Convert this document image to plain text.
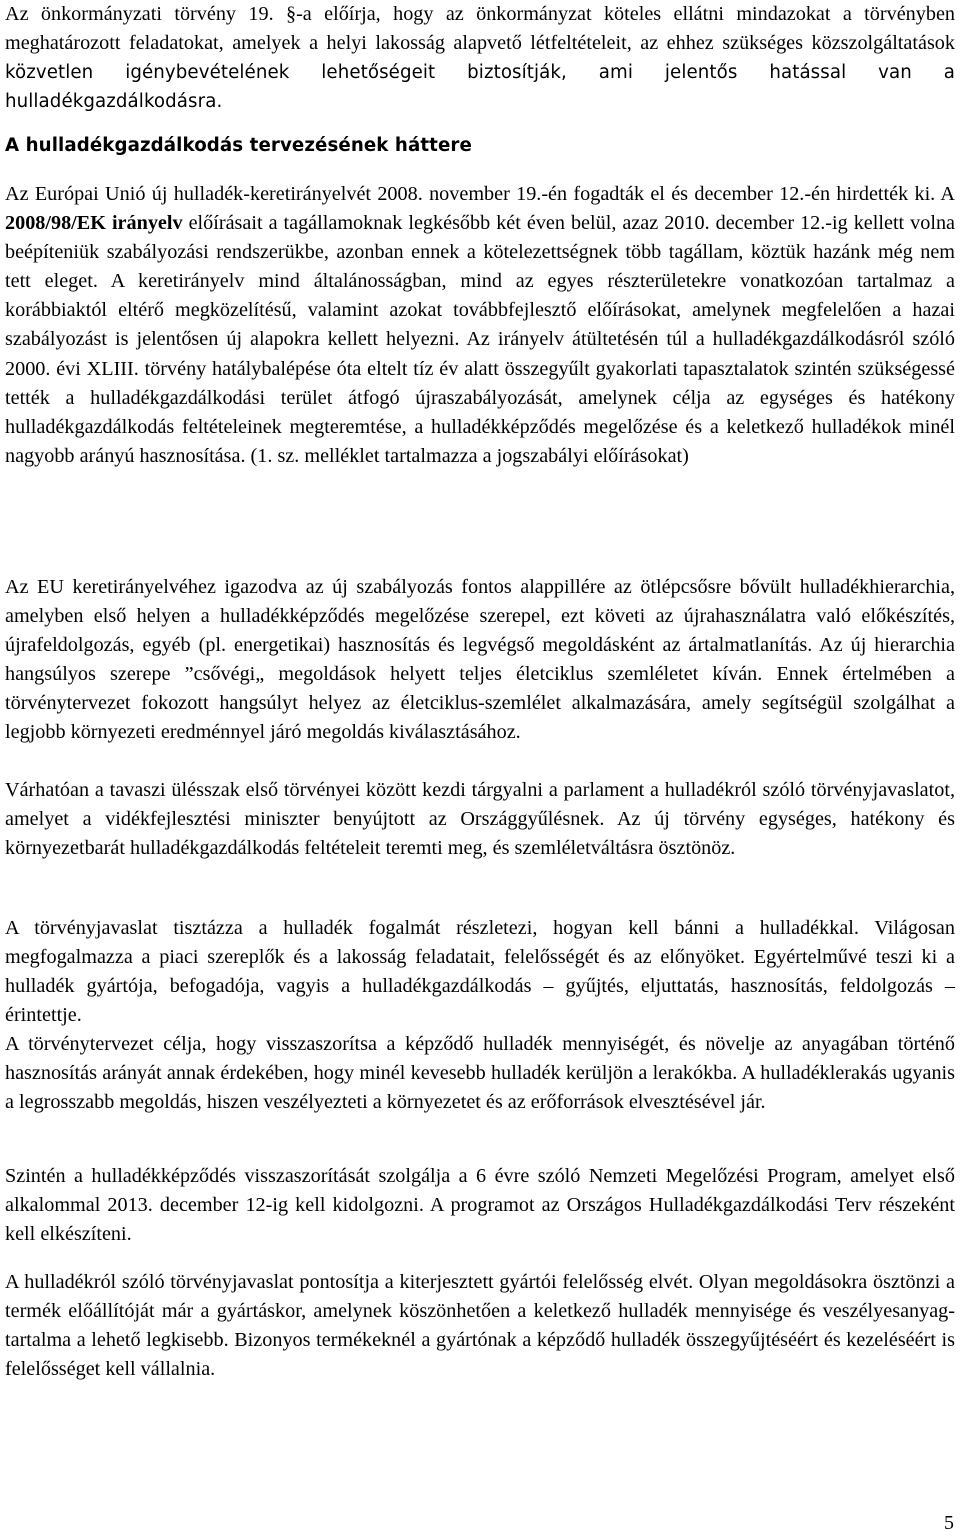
Az önkormányzati törvény 19. §-a előírja, hogy az önkormányzat köteles ellátni mindazokat a törvényben meghatározott feladatokat, amelyek a helyi lakosság alapvető létfeltételeit, az ehhez szükséges közszolgáltatások közvetlen igénybevételének lehetőségeit biztosítják, ami jelentős hatással van a hulladékgazdálkodásra.

A hulladékgazdálkodás tervezésének háttere

Az Európai Unió új hulladék-keretirányelvét 2008. november 19.-én fogadták el és december 12.-én hirdették ki. A 2008/98/EK irányelv előírásait a tagállamoknak legkésőbb két éven belül, azaz 2010. december 12.-ig kellett volna beépíteniük szabályozási rendszerükbe, azonban ennek a kötelezettségnek több tagállam, köztük hazánk még nem tett eleget. A keretirányelv mind általánosságban, mind az egyes részterületekre vonatkozóan tartalmaz a korábbiaktól eltérő megközelítésű, valamint azokat továbbfejlesztő előírásokat, amelynek megfelelően a hazai szabályozást is jelentősen új alapokra kellett helyezni. Az irányelv átültetésén túl a hulladékgazdálkodásról szóló 2000. évi XLIII. törvény hatálybalépése óta eltelt tíz év alatt összegyűlt gyakorlati tapasztalatok szintén szükségessé tették a hulladékgazdálkodási terület átfogó újraszabályozását, amelynek célja az egységes és hatékony hulladékgazdálkodás feltételeinek megteremtése, a hulladékképződés megelőzése és a keletkező hulladékok minél nagyobb arányú hasznosítása. (1. sz. melléklet tartalmazza a jogszabályi előírásokat)

Az EU keretirányelvéhez igazodva az új szabályozás fontos alappillére az ötlépcsősre bővült hulladékhierarchia, amelyben első helyen a hulladékképződés megelőzése szerepel, ezt követi az újrahasználatra való előkészítés, újrafeldolgozás, egyéb (pl. energetikai) hasznosítás és legvégső megoldásként az ártalmatlanítás. Az új hierarchia hangsúlyos szerepe ”csővégi„ megoldások helyett teljes életciklus szemléletet kíván. Ennek értelmében a törvénytervezet fokozott hangsúlyt helyez az életciklus-szemlélet alkalmazására, amely segítségül szolgálhat a legjobb környezeti eredménnyel járó megoldás kiválasztásához.

Várhatóan a tavaszi ülésszak első törvényei között kezdi tárgyalni a parlament a hulladékról szóló törvényjavaslatot, amelyet a vidékfejlesztési miniszter benyújtott az Országgyűlésnek. Az új törvény egységes, hatékony és környezetbarát hulladékgazdálkodás feltételeit teremti meg, és szemléletváltásra ösztönöz.

A törvényjavaslat tisztázza a hulladék fogalmát részletezi, hogyan kell bánni a hulladékkal. Világosan megfogalmazza a piaci szereplők és a lakosság feladatait, felelősségét és az előnyöket. Egyértelművé teszi ki a hulladék gyártója, befogadója, vagyis a hulladékgazdálkodás – gyűjtés, eljuttatás, hasznosítás, feldolgozás – érintettje.

A törvénytervezet célja, hogy visszaszorítsa a képződő hulladék mennyiségét, és növelje az anyagában történő hasznosítás arányát annak érdekében, hogy minél kevesebb hulladék kerüljön a lerakókba. A hulladéklerakás ugyanis a legrosszabb megoldás, hiszen veszélyezteti a környezetet és az erőforrások elvesztésével jár.

Szintén a hulladékképződés visszaszorítását szolgálja a 6 évre szóló Nemzeti Megelőzési Program, amelyet első alkalommal 2013. december 12-ig kell kidolgozni. A programot az Országos Hulladékgazdálkodási Terv részeként kell elkészíteni.

A hulladékról szóló törvényjavaslat pontosítja a kiterjesztett gyártói felelősség elvét. Olyan megoldásokra ösztönzi a termék előállítóját már a gyártáskor, amelynek köszönhetően a keletkező hulladék mennyisége és veszélyesanyag-tartalma a lehető legkisebb. Bizonyos termékeknél a gyártónak a képződő hulladék összegyűjtéséért és kezeléséért is felelősséget kell vállalnia.

5
